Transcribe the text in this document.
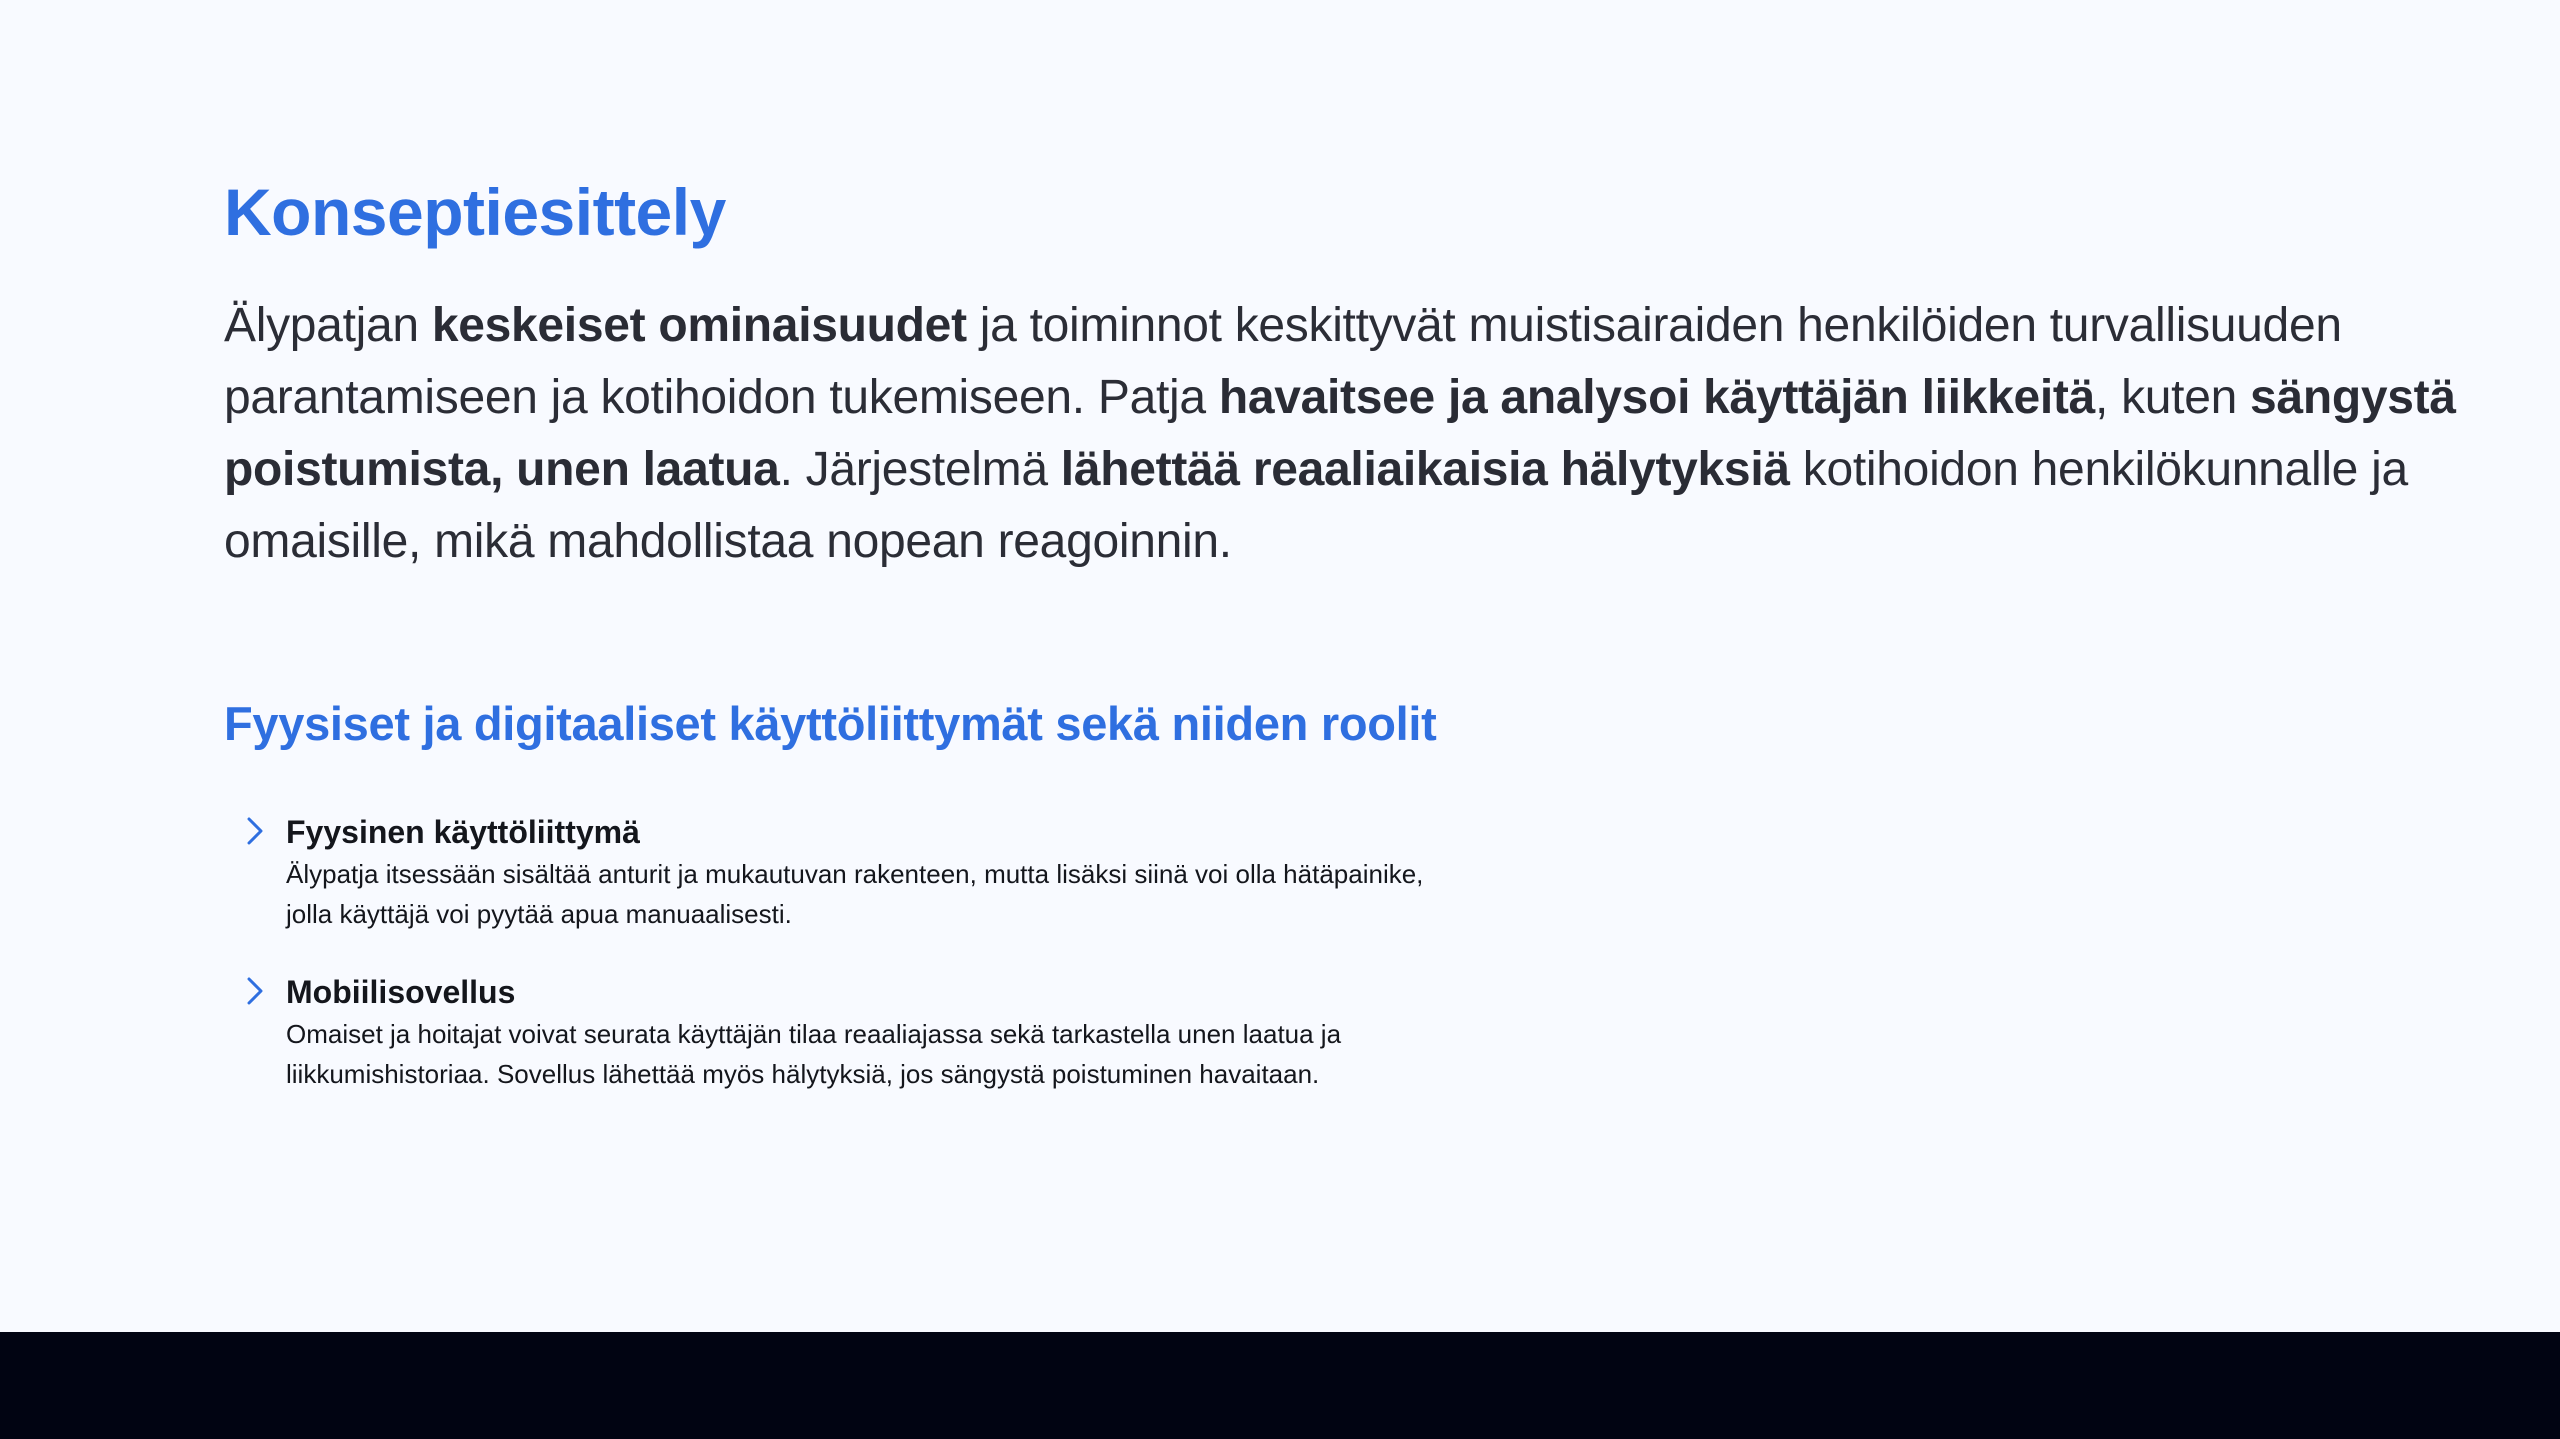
Konseptiesittely

Älypatjan keskeiset ominaisuudet ja toiminnot keskittyvät muistisairaiden henkilöiden turvallisuuden parantamiseen ja kotihoidon tukemiseen. Patja havaitsee ja analysoi käyttäjän liikkeitä, kuten sängystä poistumista, unen laatua. Järjestelmä lähettää reaaliaikaisia hälytyksiä kotihoidon henkilökunnalle ja omaisille, mikä mahdollistaa nopean reagoinnin.

Fyysiset ja digitaaliset käyttöliittymät sekä niiden roolit
Fyysinen käyttöliittymä
Älypatja itsessään sisältää anturit ja mukautuvan rakenteen, mutta lisäksi siinä voi olla hätäpainike, jolla käyttäjä voi pyytää apua manuaalisesti.
Mobiilisovellus
Omaiset ja hoitajat voivat seurata käyttäjän tilaa reaaliajassa sekä tarkastella unen laatua ja liikkumishistoriaa. Sovellus lähettää myös hälytyksiä, jos sängystä poistuminen havaitaan.
